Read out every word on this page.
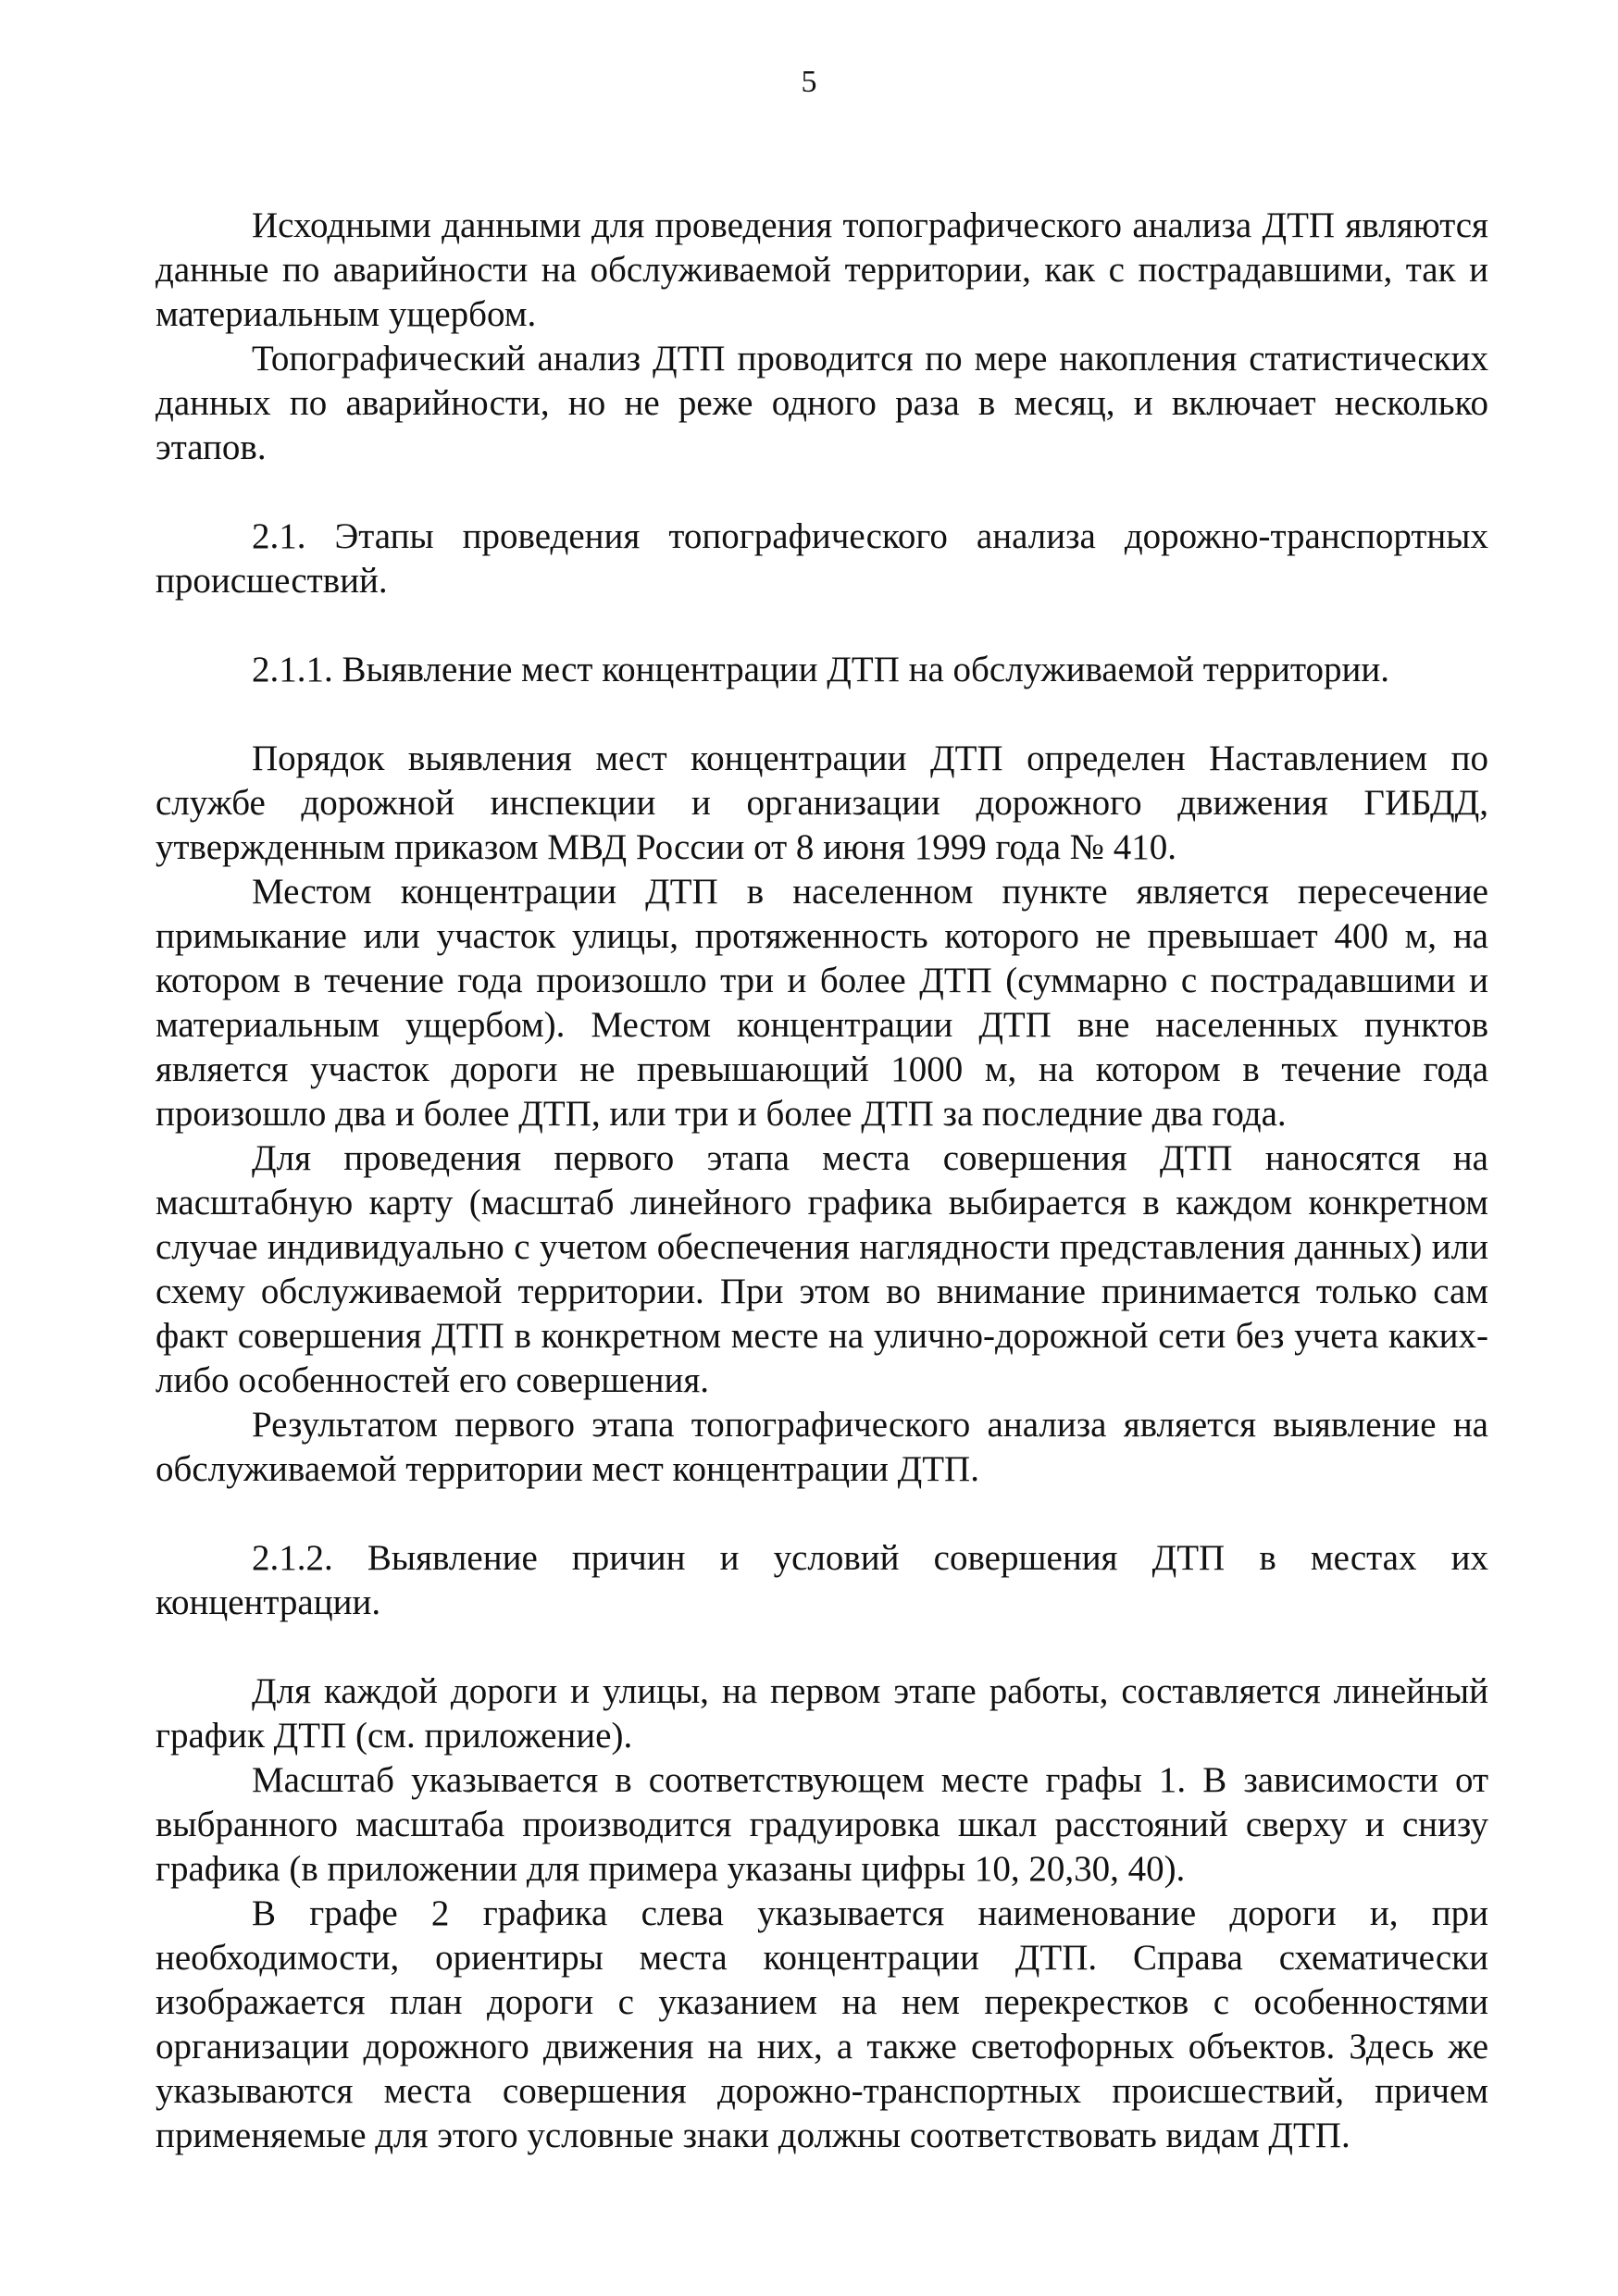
5

Исходными данными для проведения топографического анализа ДТП являются данные по аварийности на обслуживаемой территории, как с пострадавшими, так и материальным ущербом.

Топографический анализ ДТП проводится по мере накопления статистических данных по аварийности, но не реже одного раза в месяц, и включает несколько этапов.

2.1. Этапы проведения топографического анализа дорожно-транспортных происшествий.

2.1.1. Выявление мест концентрации ДТП на обслуживаемой территории.

Порядок выявления мест концентрации ДТП определен Наставлением по службе дорожной инспекции и организации дорожного движения ГИБДД, утвержденным приказом МВД России от 8 июня 1999 года № 410.

Местом концентрации ДТП в населенном пункте является пересечение примыкание или участок улицы, протяженность которого не превышает 400 м, на котором в течение года произошло три и более ДТП (суммарно с пострадавшими и материальным ущербом). Местом концентрации ДТП вне населенных пунктов является участок дороги не превышающий 1000 м, на котором в течение года произошло два и более ДТП, или три и более ДТП за последние два года.

Для проведения первого этапа места совершения ДТП наносятся на масштабную карту (масштаб линейного графика выбирается в каждом конкретном случае индивидуально с учетом обеспечения наглядности представления данных) или схему обслуживаемой территории. При этом во внимание принимается только сам факт совершения ДТП в конкретном месте на улично-дорожной сети без учета каких-либо особенностей его совершения.

Результатом первого этапа топографического анализа является выявление на обслуживаемой территории мест концентрации ДТП.

2.1.2. Выявление причин и условий совершения ДТП в местах их концентрации.

Для каждой дороги и улицы, на первом этапе работы, составляется линейный график ДТП (см. приложение).

Масштаб указывается в соответствующем месте графы 1. В зависимости от выбранного масштаба производится градуировка шкал расстояний сверху и снизу графика (в приложении для примера указаны цифры 10, 20,30, 40).

В графе 2 графика слева указывается наименование дороги и, при необходимости, ориентиры места концентрации ДТП. Справа схематически изображается план дороги с указанием на нем перекрестков с особенностями организации дорожного движения на них, а также светофорных объектов. Здесь же указываются места совершения дорожно-транспортных происшествий, причем применяемые для этого условные знаки должны соответствовать видам ДТП.
